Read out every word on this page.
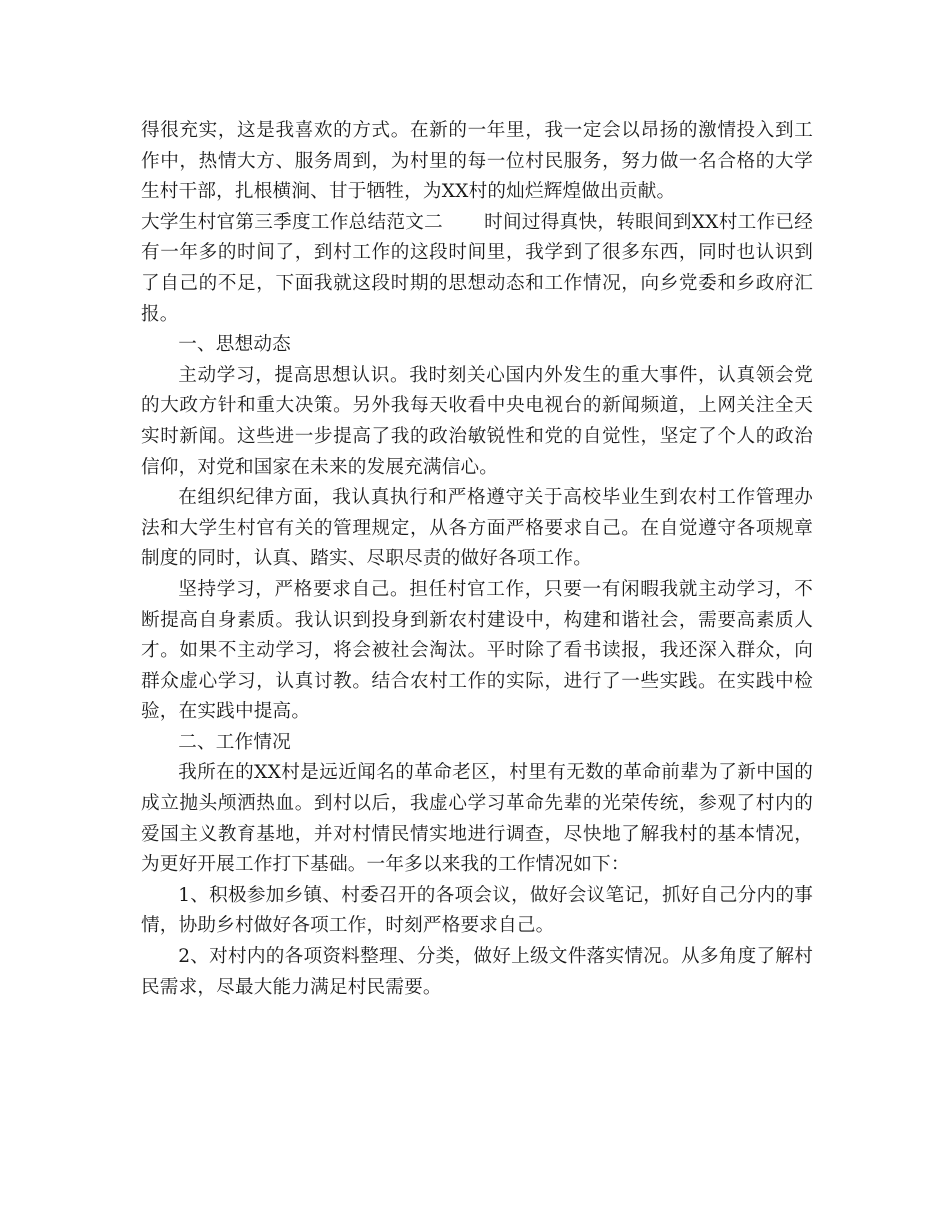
得很充实，这是我喜欢的方式。在新的一年里，我一定会以昂扬的激情投入到工作中，热情大方、服务周到，为村里的每一位村民服务，努力做一名合格的大学生村干部，扎根横涧、甘于牺牲，为XX村的灿烂辉煌做出贡献。

大学生村官第三季度工作总结范文二 时间过得真快，转眼间到XX村工作已经有一年多的时间了，到村工作的这段时间里，我学到了很多东西，同时也认识到了自己的不足，下面我就这段时期的思想动态和工作情况，向乡党委和乡政府汇报。

一、思想动态

主动学习，提高思想认识。我时刻关心国内外发生的重大事件，认真领会党的大政方针和重大决策。另外我每天收看中央电视台的新闻频道，上网关注全天实时新闻。这些进一步提高了我的政治敏锐性和党的自觉性，坚定了个人的政治信仰，对党和国家在未来的发展充满信心。

在组织纪律方面，我认真执行和严格遵守关于高校毕业生到农村工作管理办法和大学生村官有关的管理规定，从各方面严格要求自己。在自觉遵守各项规章制度的同时，认真、踏实、尽职尽责的做好各项工作。

坚持学习，严格要求自己。担任村官工作，只要一有闲暇我就主动学习，不断提高自身素质。我认识到投身到新农村建设中，构建和谐社会，需要高素质人才。如果不主动学习，将会被社会淘汰。平时除了看书读报，我还深入群众，向群众虚心学习，认真讨教。结合农村工作的实际，进行了一些实践。在实践中检验，在实践中提高。

二、工作情况

我所在的XX村是远近闻名的革命老区，村里有无数的革命前辈为了新中国的成立抛头颅洒热血。到村以后，我虚心学习革命先辈的光荣传统，参观了村内的爱国主义教育基地，并对村情民情实地进行调查，尽快地了解我村的基本情况，为更好开展工作打下基础。一年多以来我的工作情况如下：

1、积极参加乡镇、村委召开的各项会议，做好会议笔记，抓好自己分内的事情，协助乡村做好各项工作，时刻严格要求自己。

2、对村内的各项资料整理、分类，做好上级文件落实情况。从多角度了解村民需求，尽最大能力满足村民需要。
